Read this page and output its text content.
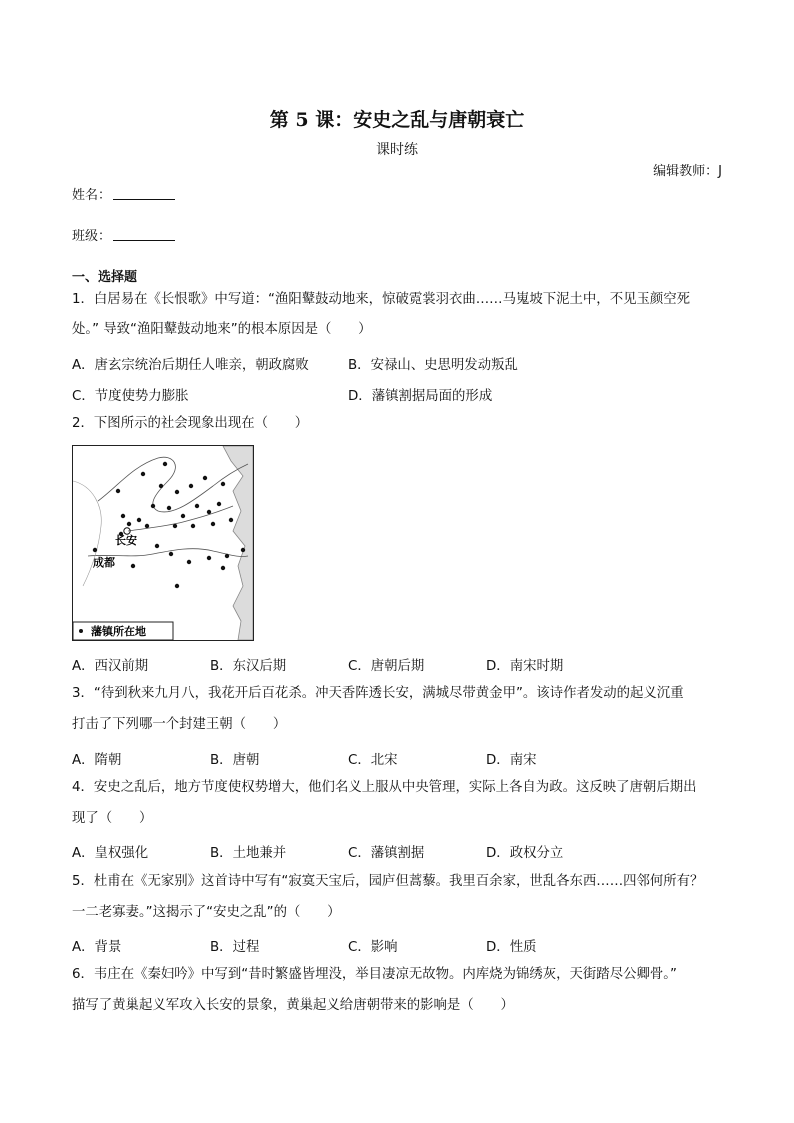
第 5 课：安史之乱与唐朝衰亡
课时练
编辑教师：J
姓名：
班级：
一、选择题
1．白居易在《长恨歌》中写道：“渔阳鼙鼓动地来，惊破霓裳羽衣曲……马嵬坡下泥土中，不见玉颜空死
处。” 导致“渔阳鼙鼓动地来”的根本原因是（　　）
A．唐玄宗统治后期任人唯亲，朝政腐败	B．安禄山、史思明发动叛乱
C．节度使势力膨胀	D．藩镇割据局面的形成
2．下图所示的社会现象出现在（　　）
长安
成都
藩镇所在地
A．西汉前期	B．东汉后期	C．唐朝后期	D．南宋时期
3．“待到秋来九月八，我花开后百花杀。冲天香阵透长安，满城尽带黄金甲”。该诗作者发动的起义沉重
打击了下列哪一个封建王朝（　　）
A．隋朝	B．唐朝	C．北宋	D．南宋
4．安史之乱后，地方节度使权势增大，他们名义上服从中央管理，实际上各自为政。这反映了唐朝后期出
现了（　　）
A．皇权强化	B．土地兼并	C．藩镇割据	D．政权分立
5．杜甫在《无家别》这首诗中写有“寂寞天宝后，园庐但蒿藜。我里百余家，世乱各东西……四邻何所有？
一二老寡妻。”这揭示了“安史之乱”的（　　）
A．背景	B．过程	C．影响	D．性质
6．韦庄在《秦妇吟》中写到“昔时繁盛皆埋没，举目凄凉无故物。内库烧为锦绣灰，天街踏尽公卿骨。”
描写了黄巢起义军攻入长安的景象，黄巢起义给唐朝带来的影响是（　　）
